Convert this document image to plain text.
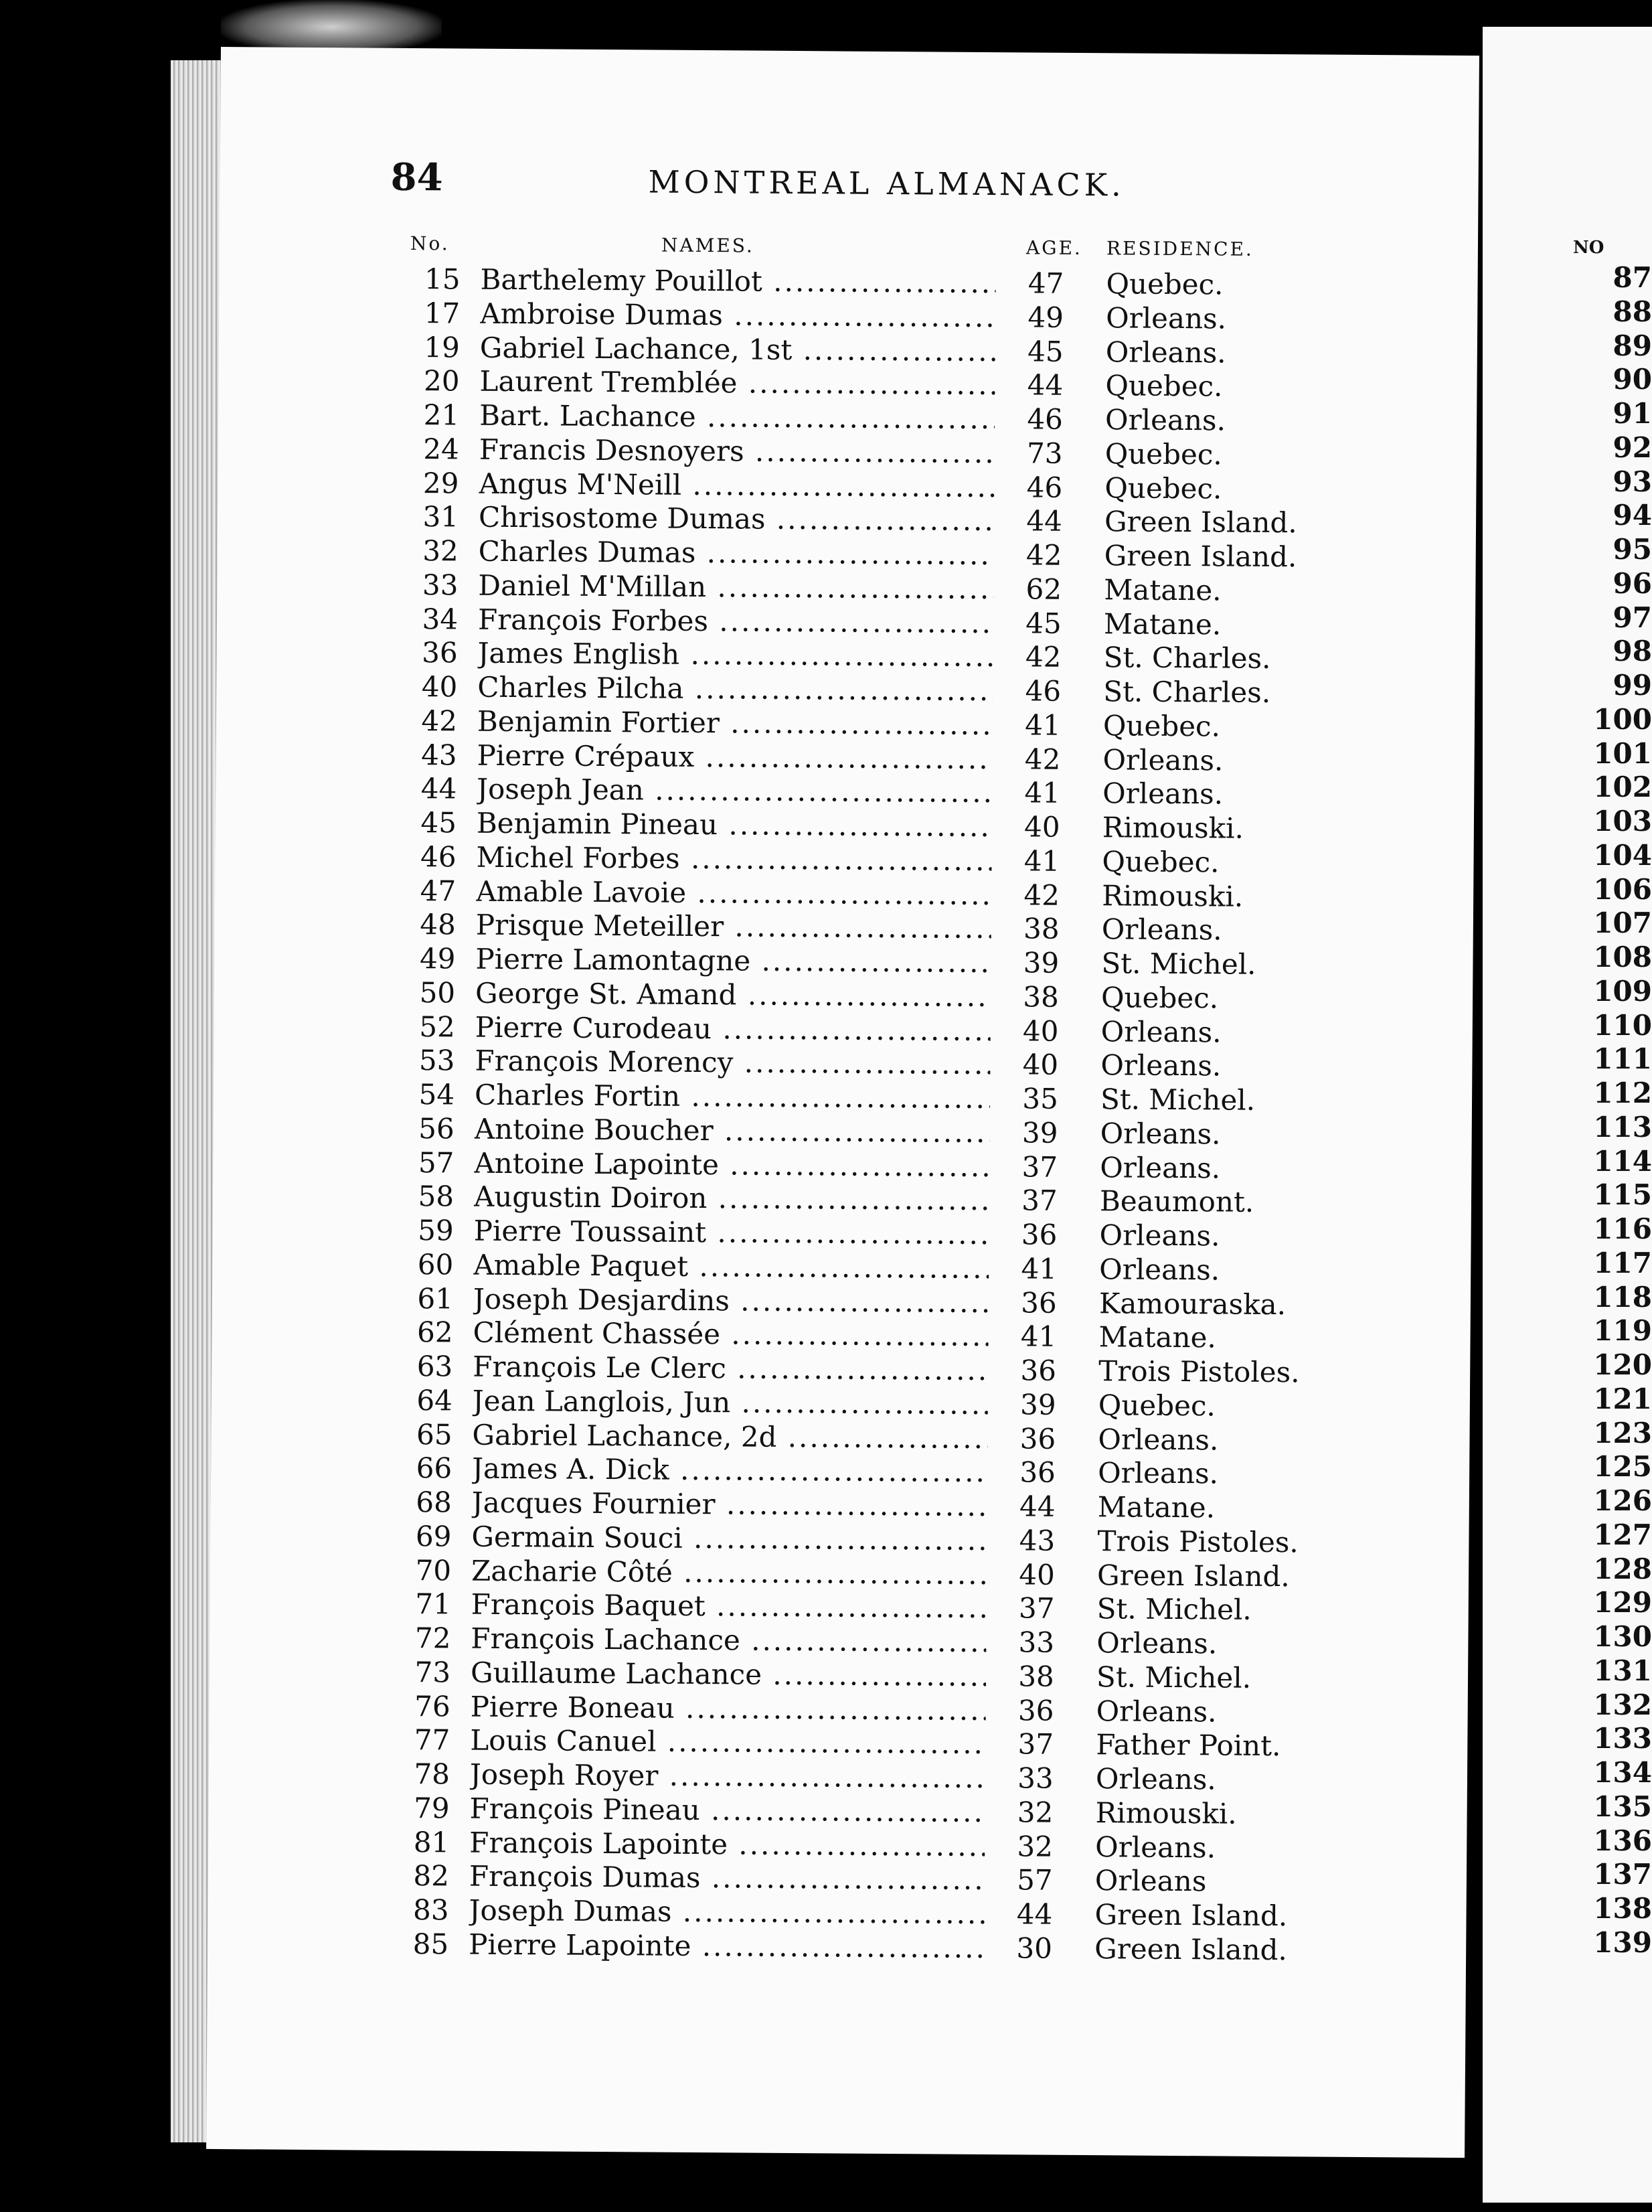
84	MONTREAL ALMANACK.
No.	NAMES.	AGE. RESIDENCE.
15 Barthelemy Pouillot .....	47	Quebec.
17 Ambroise Dumas .....	49	Orleans.
19 Gabriel Lachance, 1st .....	45	Orleans.
20 Laurent Tremblée .....	44	Quebec.
21 Bart. Lachance .....	46	Orleans.
24 Francis Desnoyers .....	73	Quebec.
29 Angus M'Neill .....	46	Quebec.
31 Chrisostome Dumas .....	44	Green Island.
32 Charles Dumas .....	42	Green Island.
33 Daniel M'Millan .....	62	Matane.
34 François Forbes .....	45	Matane.
36 James English .....	42	St. Charles.
40 Charles Pilcha .....	46	St. Charles.
42 Benjamin Fortier .....	41	Quebec.
43 Pierre Crépaux .....	42	Orleans.
44 Joseph Jean .....	41	Orleans.
45 Benjamin Pineau .....	40	Rimouski.
46 Michel Forbes .....	41	Quebec.
47 Amable Lavoie .....	42	Rimouski.
48 Prisque Meteiller .....	38	Orleans.
49 Pierre Lamontagne .....	39	St. Michel.
50 George St. Amand .....	38	Quebec.
52 Pierre Curodeau .....	40	Orleans.
53 François Morency .....	40	Orleans.
54 Charles Fortin .....	35	St. Michel.
56 Antoine Boucher .....	39	Orleans.
57 Antoine Lapointe .....	37	Orleans.
58 Augustin Doiron .....	37	Beaumont.
59 Pierre Toussaint .....	36	Orleans.
60 Amable Paquet .....	41	Orleans.
61 Joseph Desjardins .....	36	Kamouraska.
62 Clément Chassée .....	41	Matane.
63 François Le Clerc .....	36	Trois Pistoles.
64 Jean Langlois, Jun .....	39	Quebec.
65 Gabriel Lachance, 2d .....	36	Orleans.
66 James A. Dick .....	36	Orleans.
68 Jacques Fournier .....	44	Matane.
69 Germain Souci .....	43	Trois Pistoles.
70 Zacharie Côté .....	40	Green Island.
71 François Baquet .....	37	St. Michel.
72 François Lachance .....	33	Orleans.
73 Guillaume Lachance .....	38	St. Michel.
76 Pierre Boneau .....	36	Orleans.
77 Louis Canuel .....	37	Father Point.
78 Joseph Royer .....	33	Orleans.
79 François Pineau .....	32	Rimouski.
81 François Lapointe .....	32	Orleans.
82 François Dumas .....	57	Orleans
83 Joseph Dumas .....	44	Green Island.
85 Pierre Lapointe .....	30	Green Island.
NO
87
88
89
90
91
92
93
94
95
96
97
98
99
100
101
102
103
104
106
107
108
109
110
111
112
113
114
115
116
117
118
119
120
121
123
125
126
127
128
129
130
131
132
133
134
135
136
137
138
139
